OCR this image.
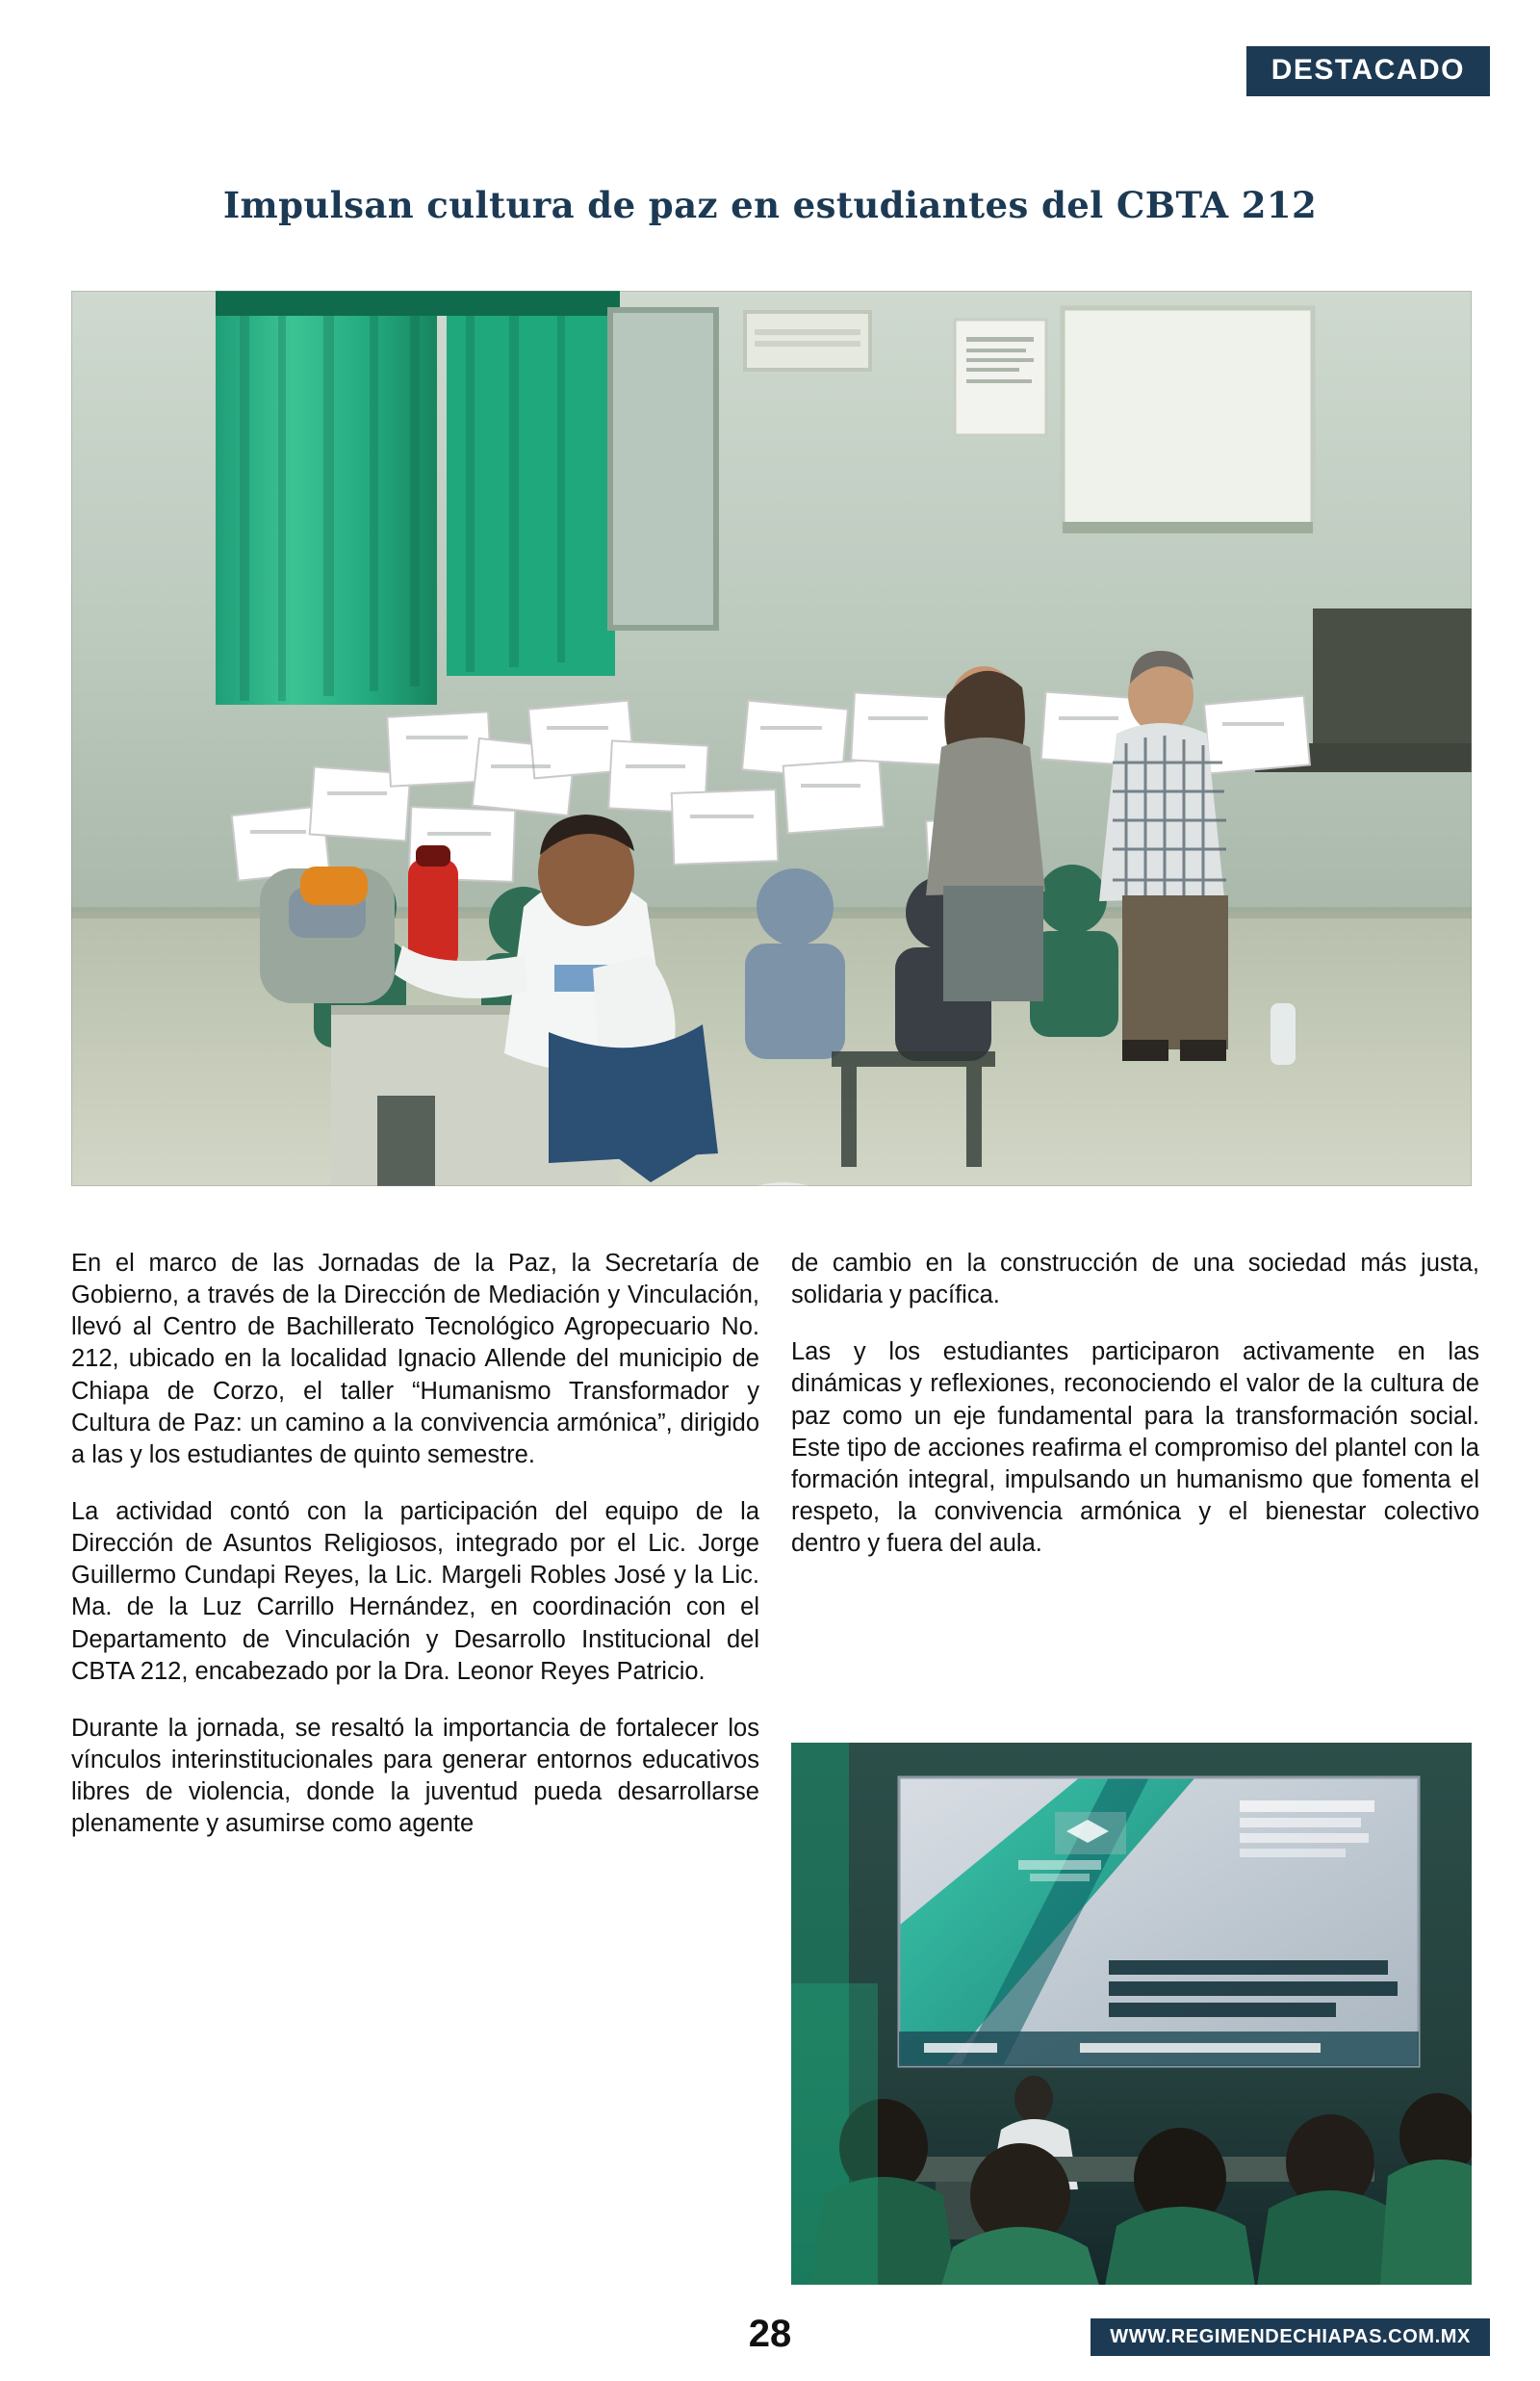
DESTACADO
Impulsan cultura de paz en estudiantes del CBTA 212

En el marco de las Jornadas de la Paz, la Secretaría de Gobierno, a través de la Dirección de Mediación y Vinculación, llevó al Centro de Bachillerato Tecnológico Agropecuario No. 212, ubicado en la localidad Ignacio Allende del municipio de Chiapa de Corzo, el taller “Humanismo Transformador y Cultura de Paz: un camino a la convivencia armónica”, dirigido a las y los estudiantes de quinto semestre.

La actividad contó con la participación del equipo de la Dirección de Asuntos Religiosos, integrado por el Lic. Jorge Guillermo Cundapi Reyes, la Lic. Margeli Robles José y la Lic. Ma. de la Luz Carrillo Hernández, en coordinación con el Departamento de Vinculación y Desarrollo Institucional del CBTA 212, encabezado por la Dra. Leonor Reyes Patricio.

Durante la jornada, se resaltó la importancia de fortalecer los vínculos interinstitucionales para generar entornos educativos libres de violencia, donde la juventud pueda desarrollarse plenamente y asumirse como agente

de cambio en la construcción de una sociedad más justa, solidaria y pacífica.

Las y los estudiantes participaron activamente en las dinámicas y reflexiones, reconociendo el valor de la cultura de paz como un eje fundamental para la transformación social. Este tipo de acciones reafirma el compromiso del plantel con la formación integral, impulsando un humanismo que fomenta el respeto, la convivencia armónica y el bienestar colectivo dentro y fuera del aula.

28	WWW.REGIMENDECHIAPAS.COM.MX
